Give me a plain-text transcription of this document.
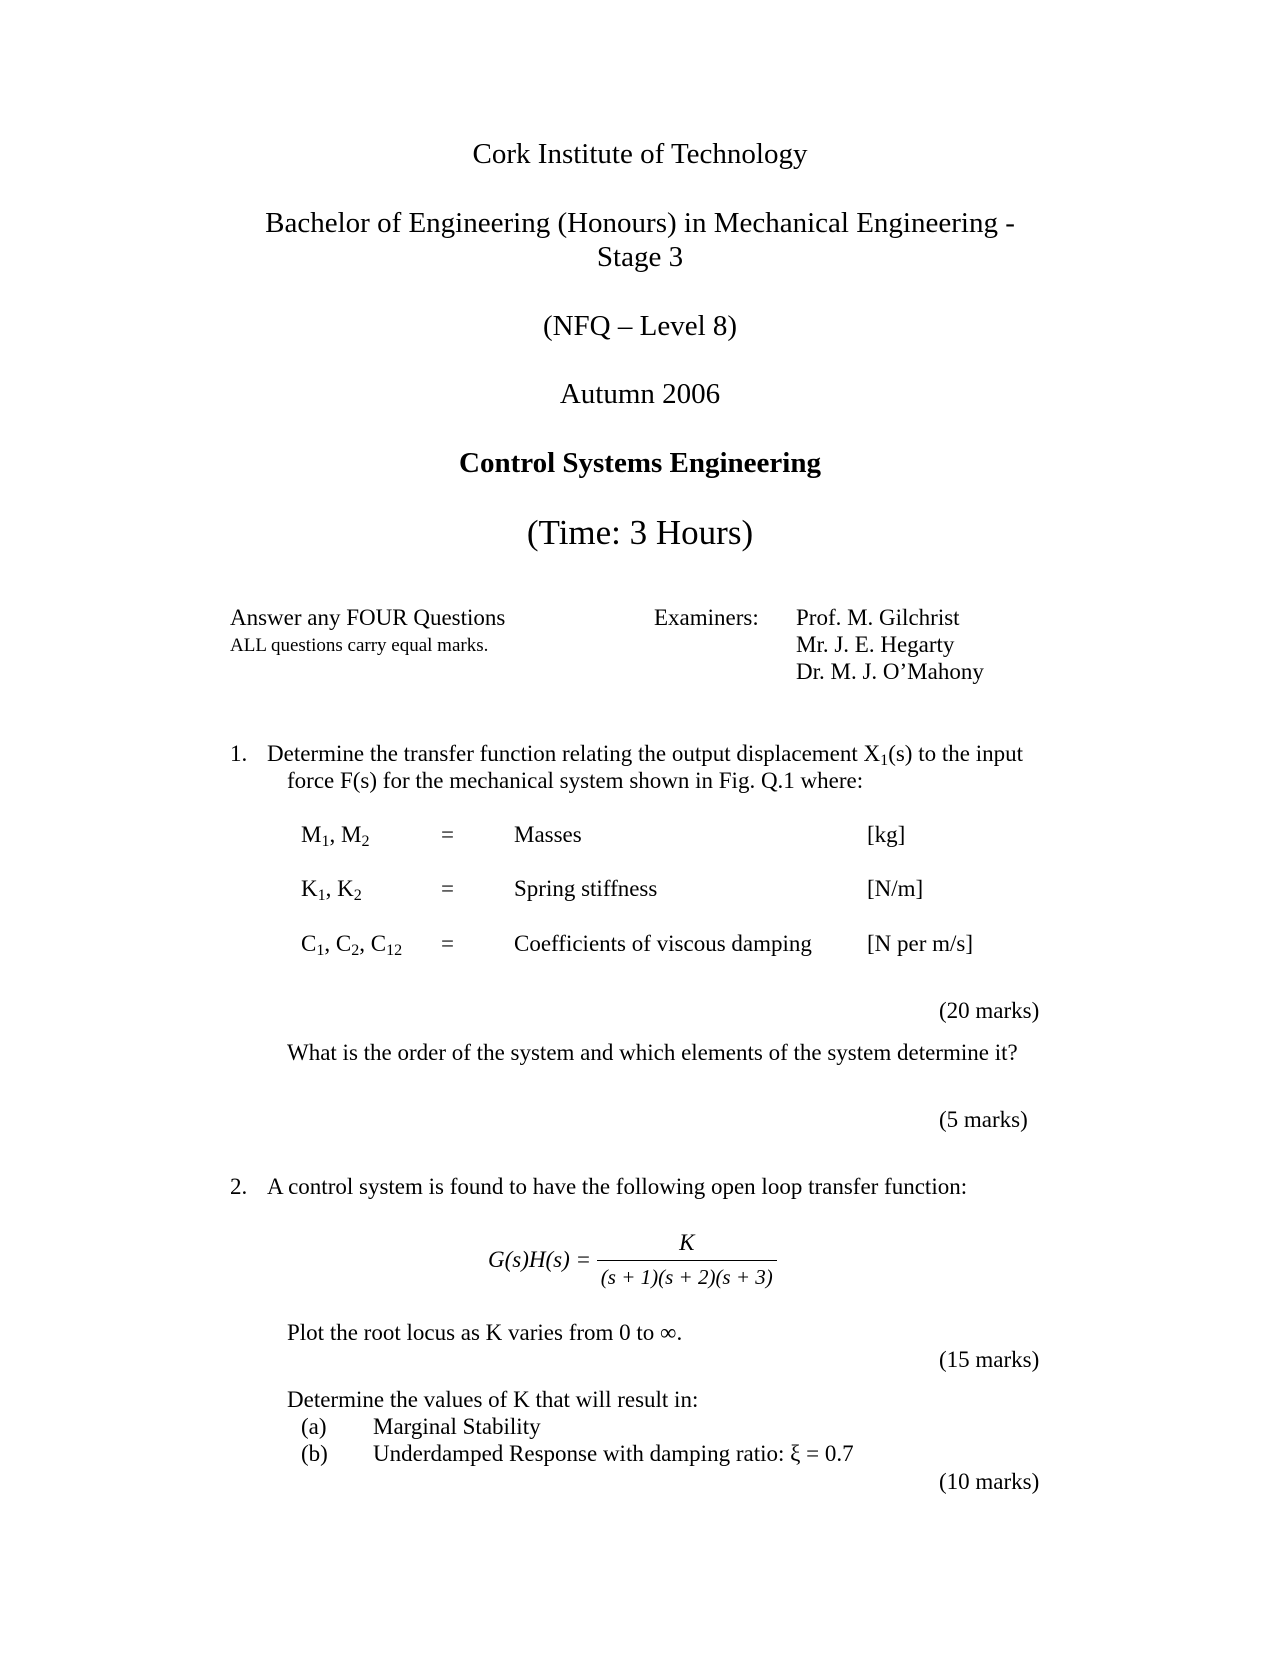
Cork Institute of Technology
Bachelor of Engineering (Honours) in Mechanical Engineering -
Stage 3
(NFQ – Level 8)
Autumn 2006
Control Systems Engineering
(Time: 3 Hours)
Answer any FOUR Questions
ALL questions carry equal marks.
Examiners: Prof. M. Gilchrist
Mr. J. E. Hegarty
Dr. M. J. O’Mahony
1. Determine the transfer function relating the output displacement $X_1(s)$ to the input
force F(s) for the mechanical system shown in Fig. Q.1 where:
$M_1$, $M_2$	=	Masses	[kg]
$K_1$, $K_2$	=	Spring stiffness	[N/m]
$C_1$, $C_2$, $C_{12}$ =	Coefficients of viscous damping [N per m/s]
(20 marks)
What is the order of the system and which elements of the system determine it?
(5 marks)
2. A control system is found to have the following open loop transfer function:
$G(s)H(s) = \frac{K}{(s + 1)(s + 2)(s + 3)}$
Plot the root locus as K varies from 0 to ∞.
(15 marks)
Determine the values of K that will result in:
(a) Marginal Stability
(b) Underdamped Response with damping ratio: ξ = 0.7
(10 marks)
